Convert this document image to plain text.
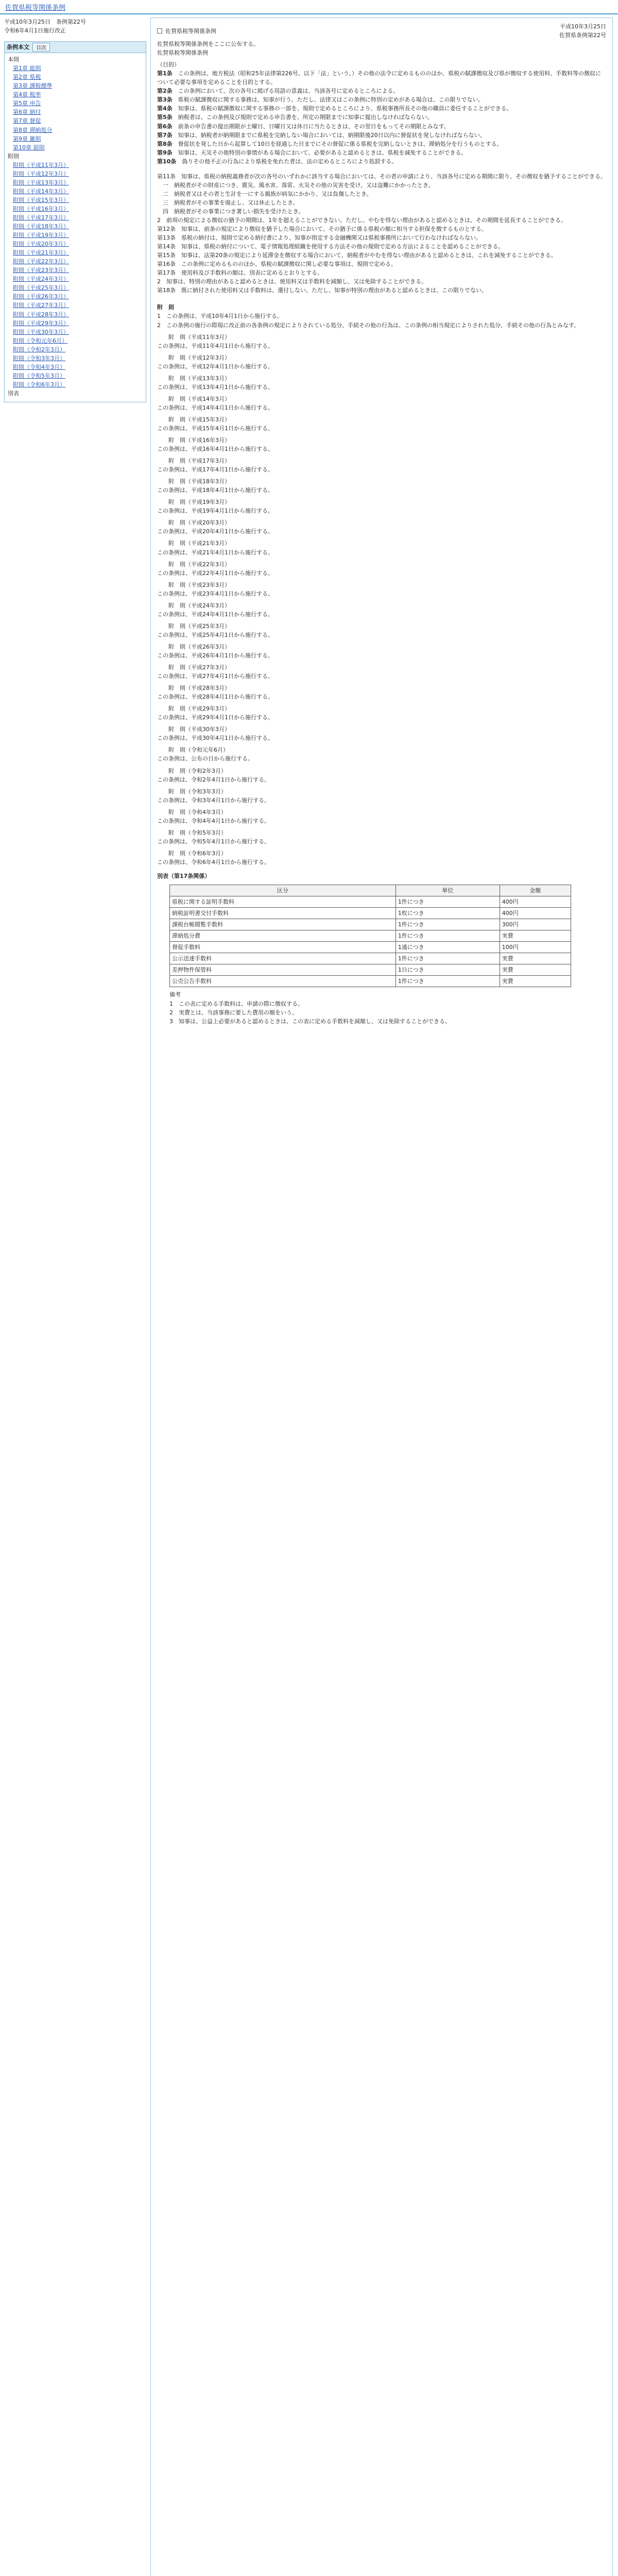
佐賀県税等関係条例

平成10年3月25日　条例第22号

令和6年4月1日施行改正

条例本文	目次
本則
第1章 総則
第2章 県税
第3章 課税標準
第4章 税率
第5章 申告
第6章 納付
第7章 督促
第8章 滞納処分
第9章 雑則
第10章 罰則
附則
附則（平成11年3月）
附則（平成12年3月）
附則（平成13年3月）
附則（平成14年3月）
附則（平成15年3月）
附則（平成16年3月）
附則（平成17年3月）
附則（平成18年3月）
附則（平成19年3月）
附則（平成20年3月）
附則（平成21年3月）
附則（平成22年3月）
附則（平成23年3月）
附則（平成24年3月）
附則（平成25年3月）
附則（平成26年3月）
附則（平成27年3月）
附則（平成28年3月）
附則（平成29年3月）
附則（平成30年3月）
附則（令和元年6月）
附則（令和2年3月）
附則（令和3年3月）
附則（令和4年3月）
附則（令和5年3月）
附則（令和6年3月）
別表
佐賀県税等関係条例
平成10年3月25日
佐賀県条例第22号
佐賀県税等関係条例をここに公布する。
佐賀県税等関係条例
（目的）
第1条　この条例は、地方税法（昭和25年法律第226号。以下「法」という。）その他の法令に定めるもののほか、県税の賦課徴収及び県が徴収する使用料、手数料等の徴収について必要な事項を定めることを目的とする。
第2条　この条例において、次の各号に掲げる用語の意義は、当該各号に定めるところによる。
第3条　県税の賦課徴収に関する事務は、知事が行う。ただし、法律又はこの条例に特別の定めがある場合は、この限りでない。
第4条　知事は、県税の賦課徴収に関する事務の一部を、規則で定めるところにより、県税事務所長その他の職員に委任することができる。
第5条　納税者は、この条例及び規則で定める申告書を、所定の期限までに知事に提出しなければならない。
第6条　前条の申告書の提出期限が土曜日、日曜日又は休日に当たるときは、その翌日をもってその期限とみなす。
第7条　知事は、納税者が納期限までに県税を完納しない場合においては、納期限後20日以内に督促状を発しなければならない。
第8条　督促状を発した日から起算して10日を経過した日までにその督促に係る県税を完納しないときは、滞納処分を行うものとする。
第9条　知事は、天災その他特別の事情がある場合において、必要があると認めるときは、県税を減免することができる。
第10条　偽りその他不正の行為により県税を免れた者は、法の定めるところにより処罰する。
第11条　知事は、県税の納税義務者が次の各号のいずれかに該当する場合においては、その者の申請により、当該各号に定める期間に限り、その徴収を猶予することができる。
一　納税者がその財産につき、震災、風水害、落雷、火災その他の災害を受け、又は盗難にかかったとき。
二　納税者又はその者と生計を一にする親族が病気にかかり、又は負傷したとき。
三　納税者がその事業を廃止し、又は休止したとき。
四　納税者がその事業につき著しい損失を受けたとき。
2　前項の規定による徴収の猶予の期間は、1年を超えることができない。ただし、やむを得ない理由があると認めるときは、その期間を延長することができる。
第12条　知事は、前条の規定により徴収を猶予した場合において、その猶予に係る県税の額に相当する担保を徴するものとする。
第13条　県税の納付は、規則で定める納付書により、知事が指定する金融機関又は県税事務所において行わなければならない。
第14条　知事は、県税の納付について、電子情報処理組織を使用する方法その他の規則で定める方法によることを認めることができる。
第15条　知事は、法第20条の規定により延滞金を徴収する場合において、納税者がやむを得ない理由があると認めるときは、これを減免することができる。
第16条　この条例に定めるもののほか、県税の賦課徴収に関し必要な事項は、規則で定める。
第17条　使用料及び手数料の額は、別表に定めるとおりとする。
2　知事は、特別の理由があると認めるときは、使用料又は手数料を減額し、又は免除することができる。
第18条　既に納付された使用料又は手数料は、還付しない。ただし、知事が特別の理由があると認めるときは、この限りでない。
附　則
1　この条例は、平成10年4月1日から施行する。
2　この条例の施行の際現に改正前の各条例の規定によりされている処分、手続その他の行為は、この条例の相当規定によりされた処分、手続その他の行為とみなす。
附　則（平成11年3月）
この条例は、平成11年4月1日から施行する。
附　則（平成12年3月）
この条例は、平成12年4月1日から施行する。
附　則（平成13年3月）
この条例は、平成13年4月1日から施行する。
附　則（平成14年3月）
この条例は、平成14年4月1日から施行する。
附　則（平成15年3月）
この条例は、平成15年4月1日から施行する。
附　則（平成16年3月）
この条例は、平成16年4月1日から施行する。
附　則（平成17年3月）
この条例は、平成17年4月1日から施行する。
附　則（平成18年3月）
この条例は、平成18年4月1日から施行する。
附　則（平成19年3月）
この条例は、平成19年4月1日から施行する。
附　則（平成20年3月）
この条例は、平成20年4月1日から施行する。
附　則（平成21年3月）
この条例は、平成21年4月1日から施行する。
附　則（平成22年3月）
この条例は、平成22年4月1日から施行する。
附　則（平成23年3月）
この条例は、平成23年4月1日から施行する。
附　則（平成24年3月）
この条例は、平成24年4月1日から施行する。
附　則（平成25年3月）
この条例は、平成25年4月1日から施行する。
附　則（平成26年3月）
この条例は、平成26年4月1日から施行する。
附　則（平成27年3月）
この条例は、平成27年4月1日から施行する。
附　則（平成28年3月）
この条例は、平成28年4月1日から施行する。
附　則（平成29年3月）
この条例は、平成29年4月1日から施行する。
附　則（平成30年3月）
この条例は、平成30年4月1日から施行する。
附　則（令和元年6月）
この条例は、公布の日から施行する。
附　則（令和2年3月）
この条例は、令和2年4月1日から施行する。
附　則（令和3年3月）
この条例は、令和3年4月1日から施行する。
附　則（令和4年3月）
この条例は、令和4年4月1日から施行する。
附　則（令和5年3月）
この条例は、令和5年4月1日から施行する。
附　則（令和6年3月）
この条例は、令和6年4月1日から施行する。
別表（第17条関係）
区分	単位	金額
県税に関する証明手数料	1件につき	400円
納税証明書交付手数料	1枚につき	400円
課税台帳閲覧手数料	1件につき	300円
滞納処分費	1件につき	実費
督促手数料	1通につき	100円
公示送達手数料	1件につき	実費
差押物件保管料	1日につき	実費
公売公告手数料	1件につき	実費
備考
1　この表に定める手数料は、申請の際に徴収する。
2　実費とは、当該事務に要した費用の額をいう。
3　知事は、公益上必要があると認めるときは、この表に定める手数料を減額し、又は免除することができる。
